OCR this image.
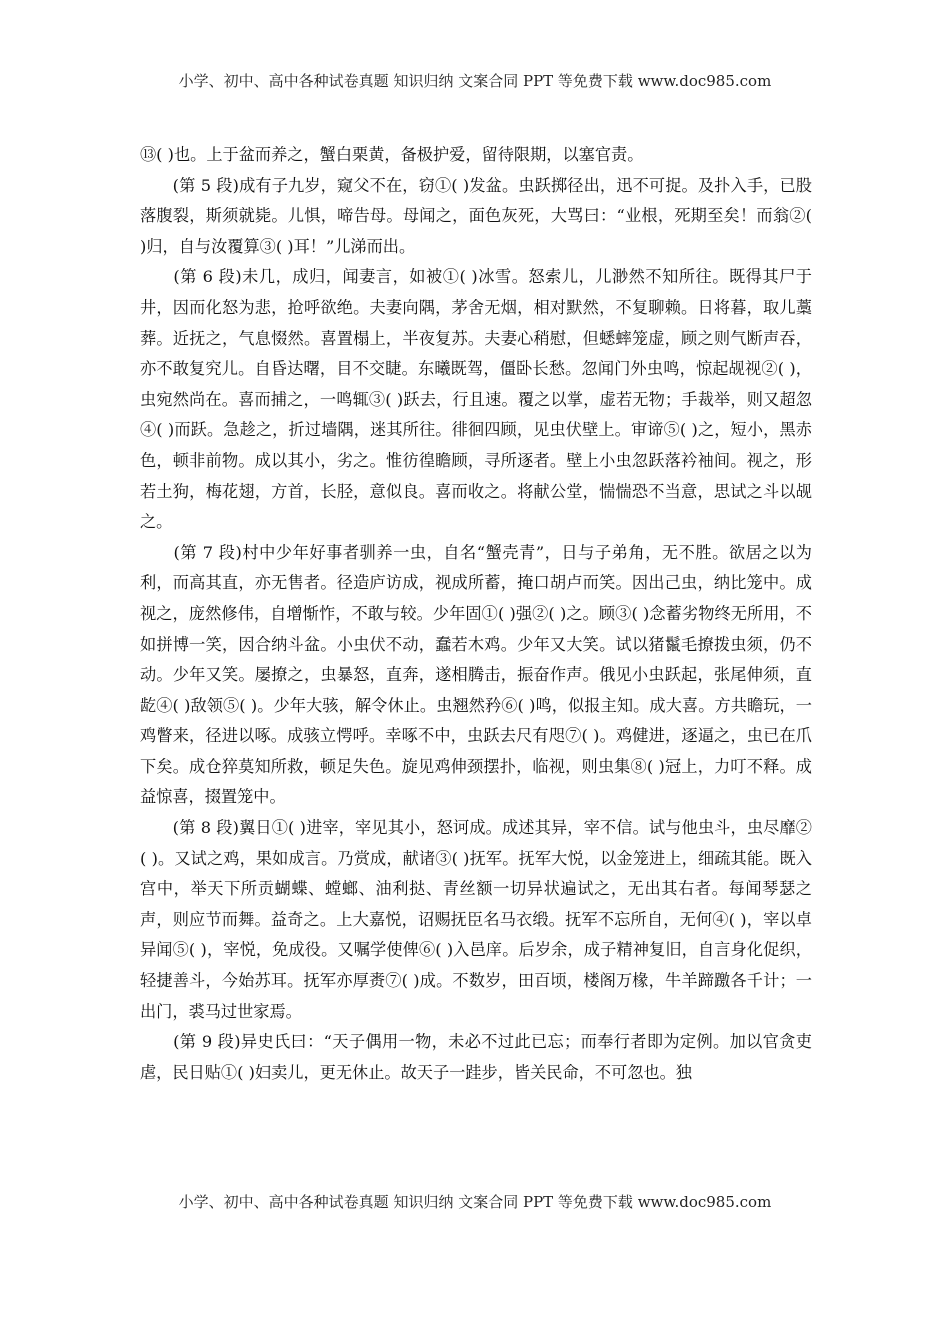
小学、初中、高中各种试卷真题 知识归纳 文案合同 PPT 等免费下载 www.doc985.com

⑬( )也。上于盆而养之，蟹白栗黄，备极护爱，留待限期，以塞官责。

　　(第 5 段)成有子九岁，窥父不在，窃①( )发盆。虫跃掷径出，迅不可捉。及扑入手，已股落腹裂，斯须就毙。儿惧，啼告母。母闻之，面色灰死，大骂曰：“业根，死期至矣！而翁②( )归，自与汝覆算③( )耳！”儿涕而出。

　　(第 6 段)未几，成归，闻妻言，如被①( )冰雪。怒索儿，儿渺然不知所往。既得其尸于井，因而化怒为悲，抢呼欲绝。夫妻向隅，茅舍无烟，相对默然，不复聊赖。日将暮，取儿藁葬。近抚之，气息惙然。喜置榻上，半夜复苏。夫妻心稍慰，但蟋蟀笼虚，顾之则气断声吞，亦不敢复究儿。自昏达曙，目不交睫。东曦既驾，僵卧长愁。忽闻门外虫鸣，惊起觇视②( )，虫宛然尚在。喜而捕之，一鸣辄③( )跃去，行且速。覆之以掌，虚若无物；手裁举，则又超忽④( )而跃。急趁之，折过墙隅，迷其所往。徘徊四顾，见虫伏壁上。审谛⑤( )之，短小，黑赤色，顿非前物。成以其小，劣之。惟彷徨瞻顾，寻所逐者。壁上小虫忽跃落衿袖间。视之，形若土狗，梅花翅，方首，长胫，意似良。喜而收之。将献公堂，惴惴恐不当意，思试之斗以觇之。

　　(第 7 段)村中少年好事者驯养一虫，自名“蟹壳青”，日与子弟角，无不胜。欲居之以为利，而高其直，亦无售者。径造庐访成，视成所蓄，掩口胡卢而笑。因出己虫，纳比笼中。成视之，庞然修伟，自增惭怍，不敢与较。少年固①( )强②( )之。顾③( )念蓄劣物终无所用，不如拼博一笑，因合纳斗盆。小虫伏不动，蠢若木鸡。少年又大笑。试以猪鬣毛撩拨虫须，仍不动。少年又笑。屡撩之，虫暴怒，直奔，遂相腾击，振奋作声。俄见小虫跃起，张尾伸须，直龁④( )敌领⑤( )。少年大骇，解令休止。虫翘然矜⑥( )鸣，似报主知。成大喜。方共瞻玩，一鸡瞥来，径进以啄。成骇立愕呼。幸啄不中，虫跃去尺有咫⑦( )。鸡健进，逐逼之，虫已在爪下矣。成仓猝莫知所救，顿足失色。旋见鸡伸颈摆扑，临视，则虫集⑧( )冠上，力叮不释。成益惊喜，掇置笼中。

　　(第 8 段)翼日①( )进宰，宰见其小，怒诃成。成述其异，宰不信。试与他虫斗，虫尽靡②( )。又试之鸡，果如成言。乃赏成，献诸③( )抚军。抚军大悦，以金笼进上，细疏其能。既入宫中，举天下所贡蝴蝶、螳螂、油利挞、青丝额一切异状遍试之，无出其右者。每闻琴瑟之声，则应节而舞。益奇之。上大嘉悦，诏赐抚臣名马衣缎。抚军不忘所自，无何④( )，宰以卓异闻⑤( )，宰悦，免成役。又嘱学使俾⑥( )入邑庠。后岁余，成子精神复旧，自言身化促织，轻捷善斗，今始苏耳。抚军亦厚赉⑦( )成。不数岁，田百顷，楼阁万椽，牛羊蹄躈各千计；一出门，裘马过世家焉。

　　(第 9 段)异史氏曰：“天子偶用一物，未必不过此已忘；而奉行者即为定例。加以官贪吏虐，民日贴①( )妇卖儿，更无休止。故天子一跬步，皆关民命，不可忽也。独

小学、初中、高中各种试卷真题 知识归纳 文案合同 PPT 等免费下载 www.doc985.com
